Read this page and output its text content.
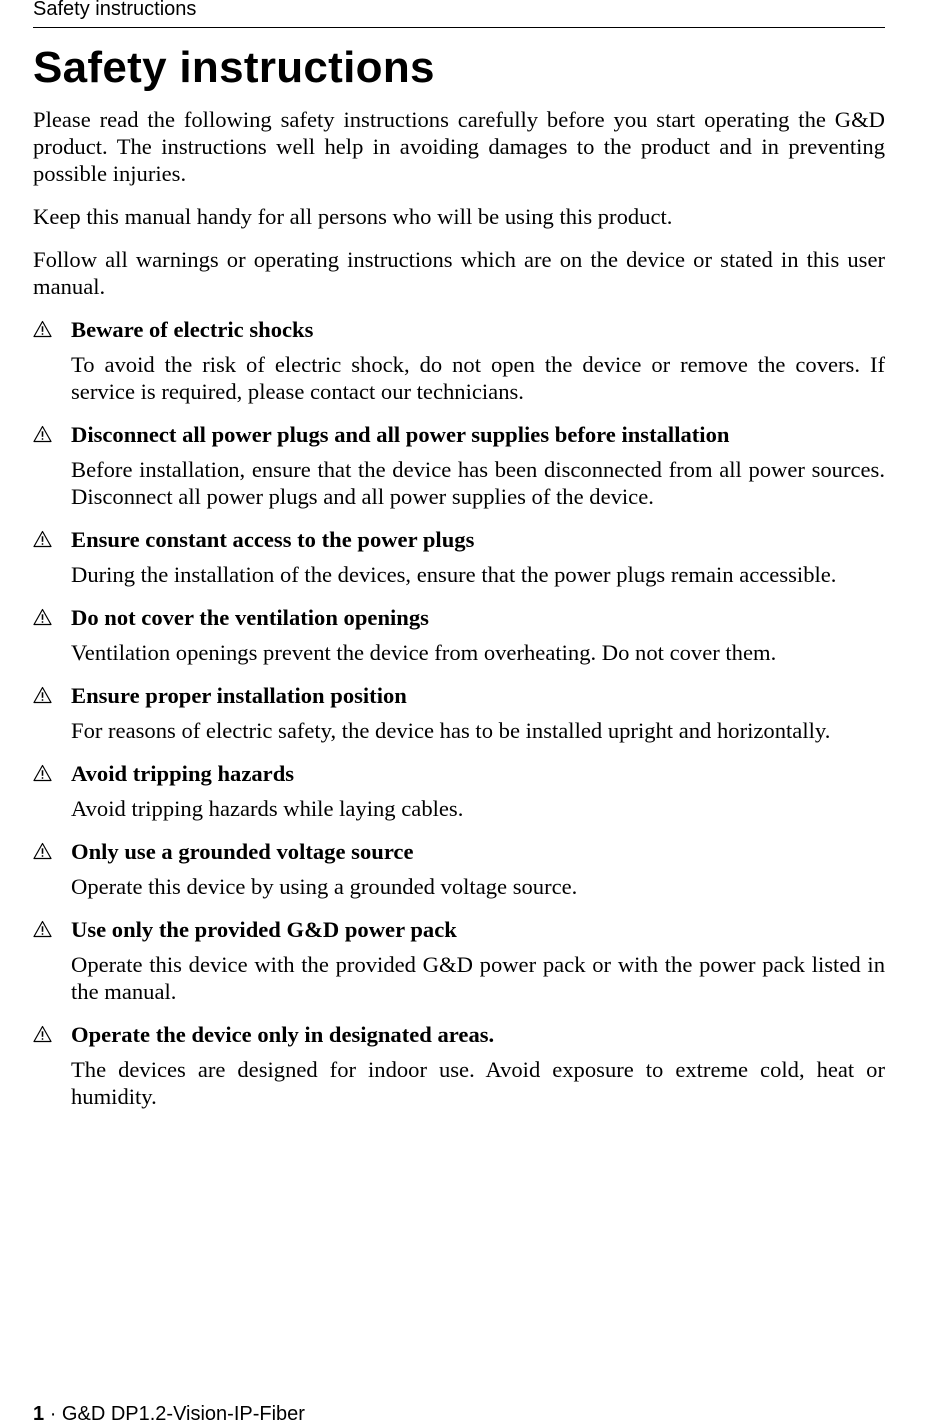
Safety instructions
Safety instructions

Please read the following safety instructions carefully before you start operating the G&D product. The instructions well help in avoiding damages to the product and in preventing possible injuries.

Keep this manual handy for all persons who will be using this product.

Follow all warnings or operating instructions which are on the device or stated in this user manual.

Beware of electric shocks
To avoid the risk of electric shock, do not open the device or remove the covers. If service is required, please contact our technicians.
Disconnect all power plugs and all power supplies before installation
Before installation, ensure that the device has been disconnected from all power sources. Disconnect all power plugs and all power supplies of the device.
Ensure constant access to the power plugs
During the installation of the devices, ensure that the power plugs remain accessible.
Do not cover the ventilation openings
Ventilation openings prevent the device from overheating. Do not cover them.
Ensure proper installation position
For reasons of electric safety, the device has to be installed upright and horizontally.
Avoid tripping hazards
Avoid tripping hazards while laying cables.
Only use a grounded voltage source
Operate this device by using a grounded voltage source.
Use only the provided G&D power pack
Operate this device with the provided G&D power pack or with the power pack listed in the manual.
Operate the device only in designated areas.
The devices are designed for indoor use. Avoid exposure to extreme cold, heat or humidity.
1 · G&D DP1.2-Vision-IP-Fiber
